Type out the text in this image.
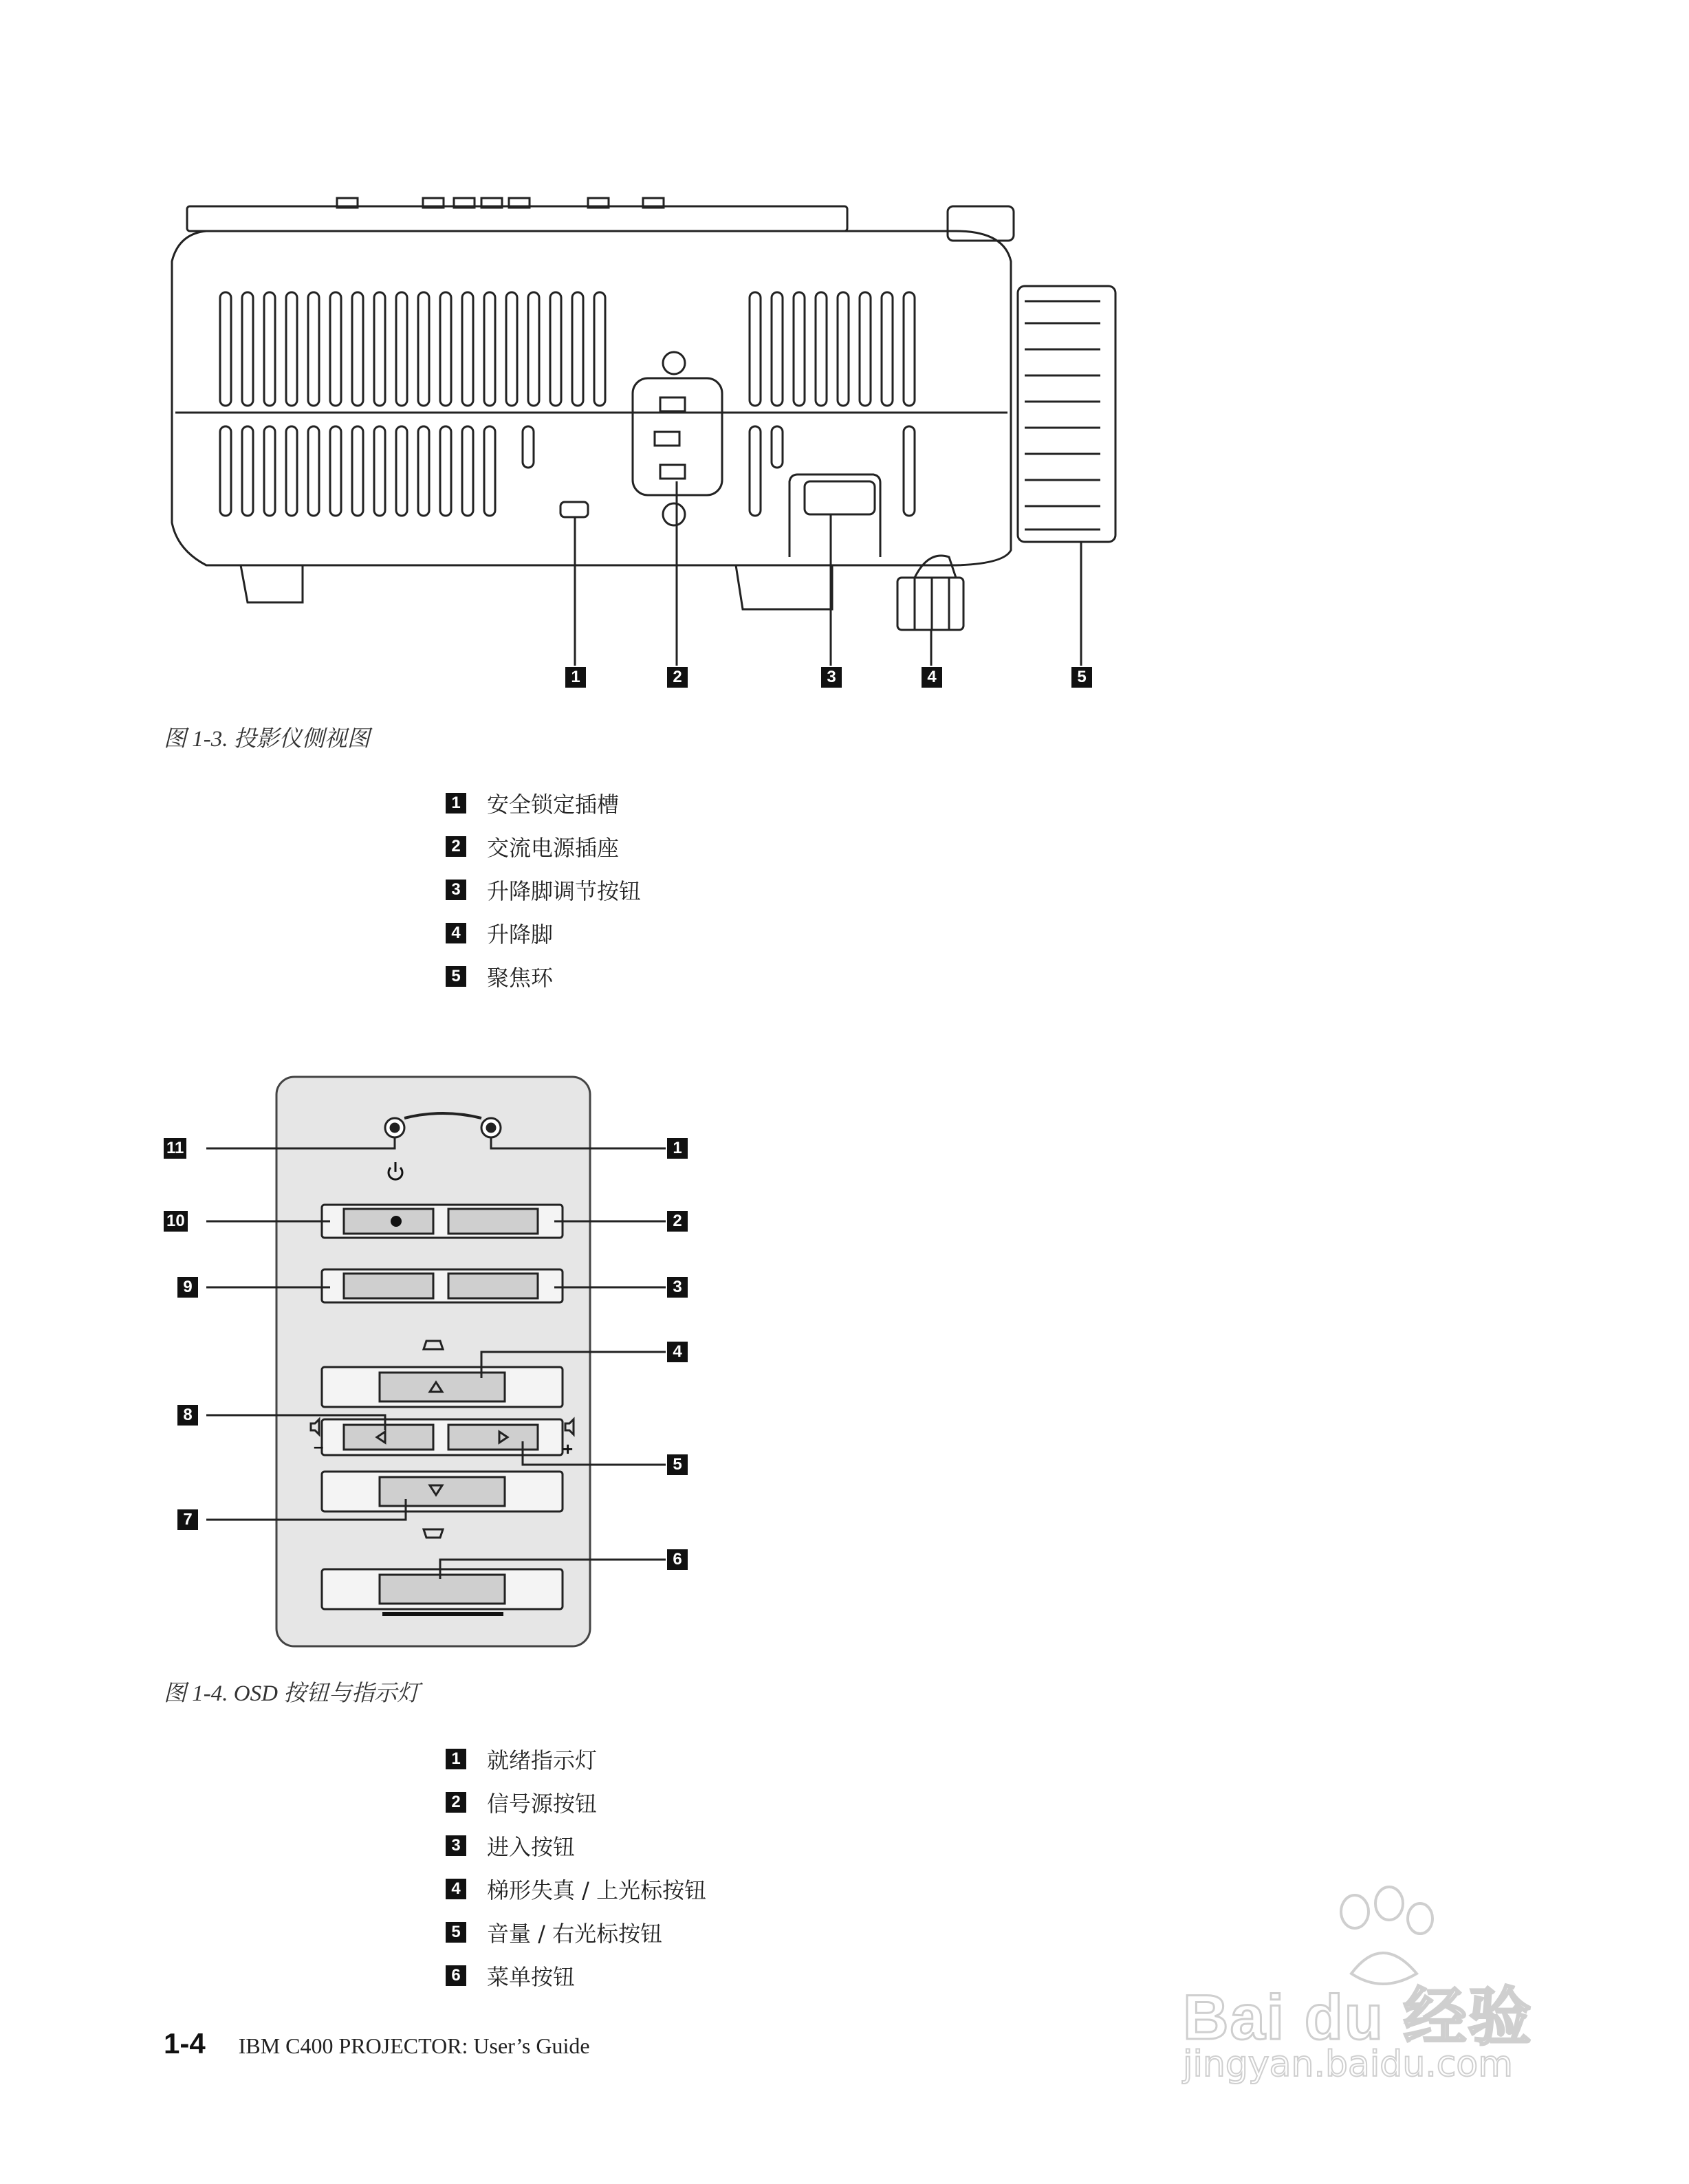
1	2	3	4	5
图 1-3. 投影仪侧视图
1 安全锁定插槽
2 交流电源插座
3 升降脚调节按钮
4 升降脚
5 聚焦环
–	+
11
10
9
8
7
1
2
3
4
5
6
图 1-4. OSD 按钮与指示灯
1 就绪指示灯
2 信号源按钮
3 进入按钮
4 梯形失真 / 上光标按钮
5 音量 / 右光标按钮
6 菜单按钮
1-4 IBM C400 PROJECTOR: User’s Guide	Bai du 经验
jingyan.baidu.com
